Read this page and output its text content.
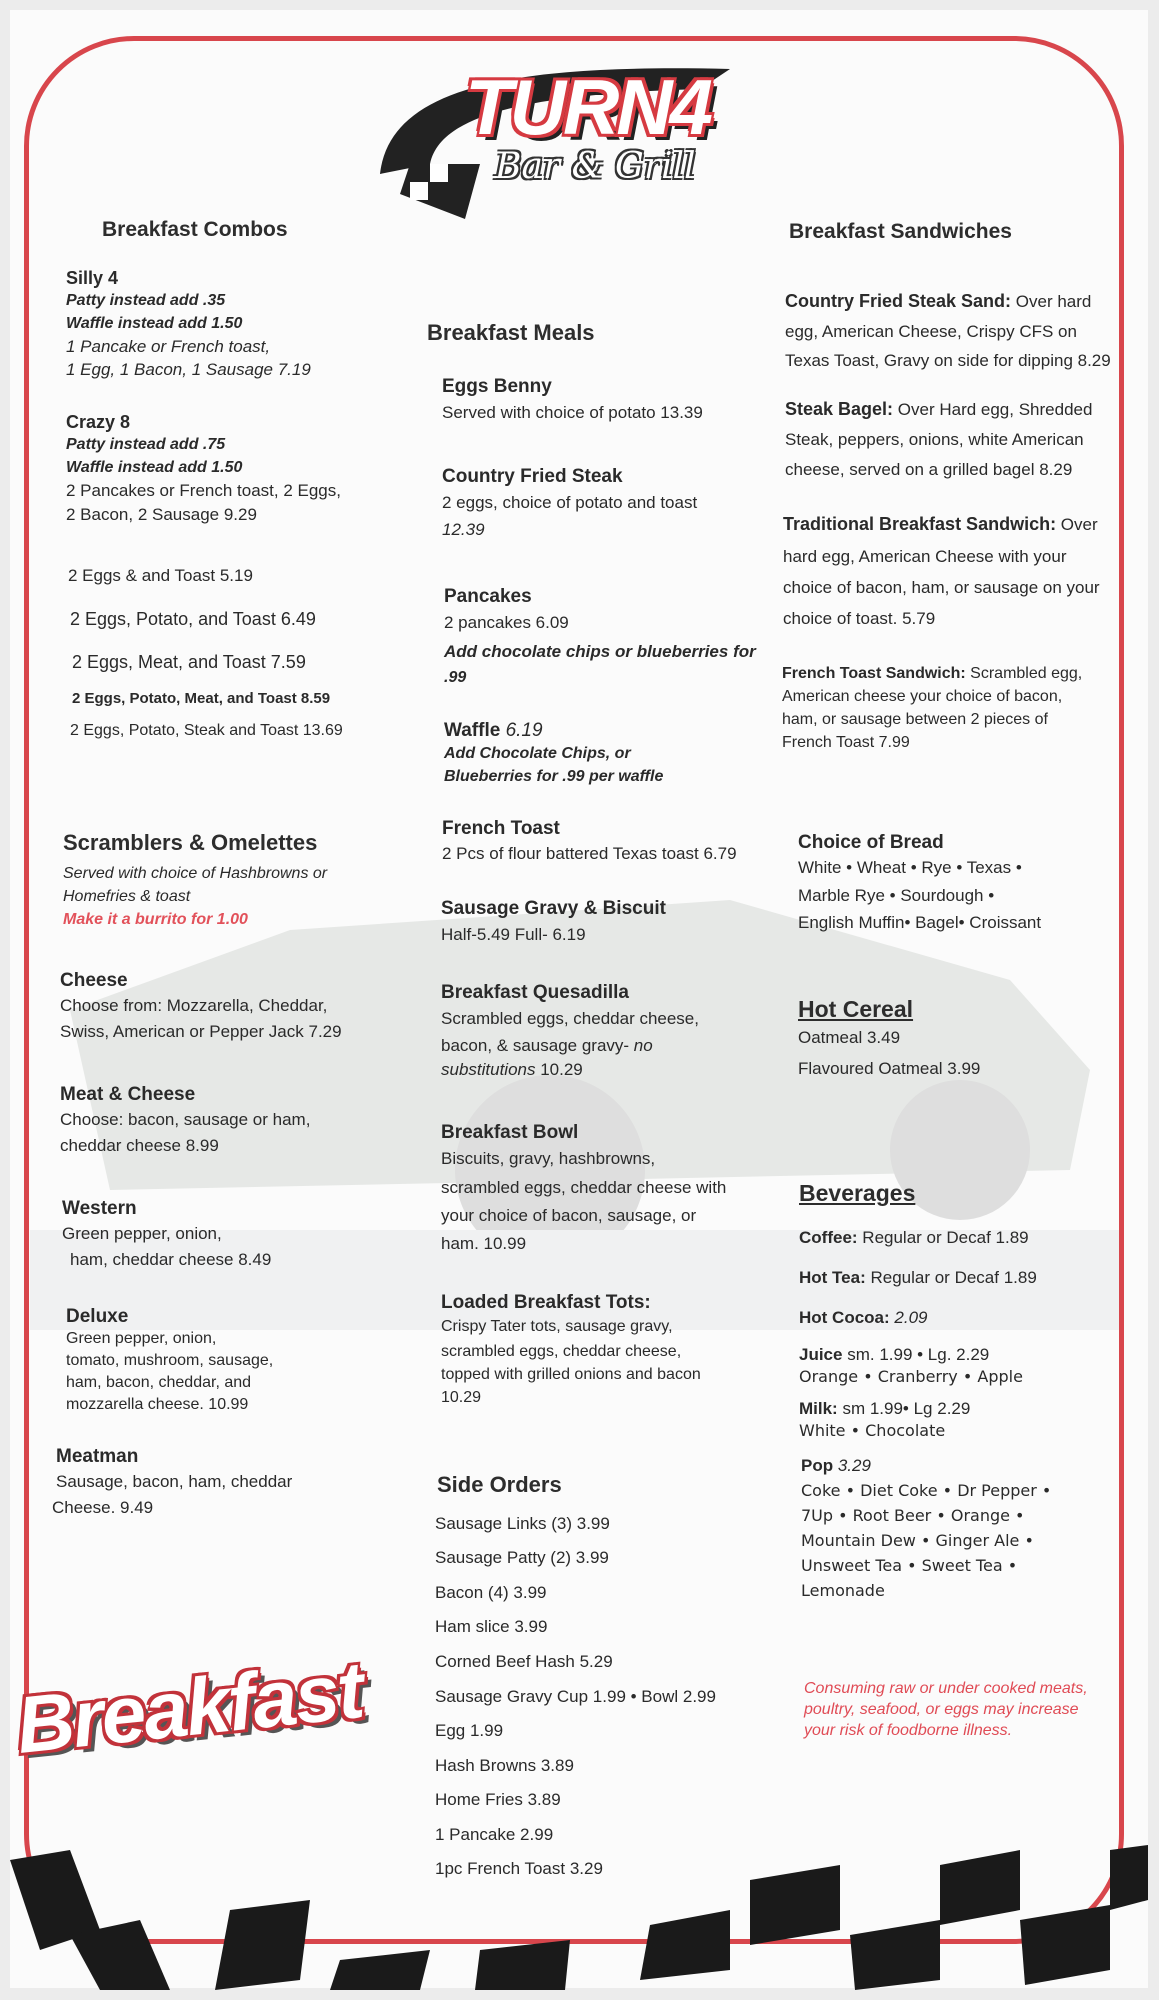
TURN4
Bar & Grill
Breakfast Combos
Silly 4
Patty instead add .35
Waffle instead add 1.50
1 Pancake or French toast,
1 Egg, 1 Bacon, 1 Sausage 7.19
Crazy 8
Patty instead add .75
Waffle instead add 1.50
2 Pancakes or French toast, 2 Eggs,
2 Bacon, 2 Sausage 9.29
2 Eggs & and Toast 5.19
2 Eggs, Potato, and Toast 6.49
2 Eggs, Meat, and Toast 7.59
2 Eggs, Potato, Meat, and Toast 8.59
2 Eggs, Potato, Steak and Toast 13.69
Scramblers & Omelettes
Served with choice of Hashbrowns or
Homefries & toast
Make it a burrito for 1.00
Cheese
Choose from: Mozzarella, Cheddar,
Swiss, American or Pepper Jack 7.29
Meat & Cheese
Choose: bacon, sausage or ham,
cheddar cheese 8.99
Western
Green pepper, onion,
ham, cheddar cheese 8.49
Deluxe
Green pepper, onion,
tomato, mushroom, sausage,
ham, bacon, cheddar, and
mozzarella cheese. 10.99
Meatman
Sausage, bacon, ham, cheddar
Cheese. 9.49
Breakfast Meals
Eggs Benny
Served with choice of potato 13.39
Country Fried Steak
2 eggs, choice of potato and toast
12.39
Pancakes
2 pancakes 6.09
Add chocolate chips or blueberries for
.99
Waffle 6.19
Add Chocolate Chips, or
Blueberries for .99 per waffle
French Toast
2 Pcs of flour battered Texas toast 6.79
Sausage Gravy & Biscuit
Half-5.49 Full- 6.19
Breakfast Quesadilla
Scrambled eggs, cheddar cheese,
bacon, & sausage gravy- no
substitutions 10.29
Breakfast Bowl
Biscuits, gravy, hashbrowns,
scrambled eggs, cheddar cheese with
your choice of bacon, sausage, or
ham. 10.99
Loaded Breakfast Tots:
Crispy Tater tots, sausage gravy,
scrambled eggs, cheddar cheese,
topped with grilled onions and bacon
10.29
Side Orders
Sausage Links (3) 3.99
Sausage Patty (2) 3.99
Bacon (4) 3.99
Ham slice 3.99
Corned Beef Hash 5.29
Sausage Gravy Cup 1.99 • Bowl 2.99
Egg 1.99
Hash Browns 3.89
Home Fries 3.89
1 Pancake 2.99
1pc French Toast 3.29
Breakfast Sandwiches
Country Fried Steak Sand: Over hard
egg, American Cheese, Crispy CFS on
Texas Toast, Gravy on side for dipping 8.29
Steak Bagel: Over Hard egg, Shredded
Steak, peppers, onions, white American
cheese, served on a grilled bagel 8.29
Traditional Breakfast Sandwich: Over
hard egg, American Cheese with your
choice of bacon, ham, or sausage on your
choice of toast. 5.79
French Toast Sandwich: Scrambled egg,
American cheese your choice of bacon,
ham, or sausage between 2 pieces of
French Toast 7.99
Choice of Bread
White • Wheat • Rye • Texas •
Marble Rye • Sourdough •
English Muffin• Bagel• Croissant
Hot Cereal
Oatmeal 3.49
Flavoured Oatmeal 3.99
Beverages
Coffee: Regular or Decaf 1.89
Hot Tea: Regular or Decaf 1.89
Hot Cocoa: 2.09
Juice sm. 1.99 • Lg. 2.29
Orange • Cranberry • Apple
Milk: sm 1.99• Lg 2.29
White • Chocolate
Pop 3.29
Coke • Diet Coke • Dr Pepper •
7Up • Root Beer • Orange •
Mountain Dew • Ginger Ale •
Unsweet Tea • Sweet Tea •
Lemonade
Breakfast	Consuming raw or under cooked meats,
poultry, seafood, or eggs may increase
your risk of foodborne illness.
